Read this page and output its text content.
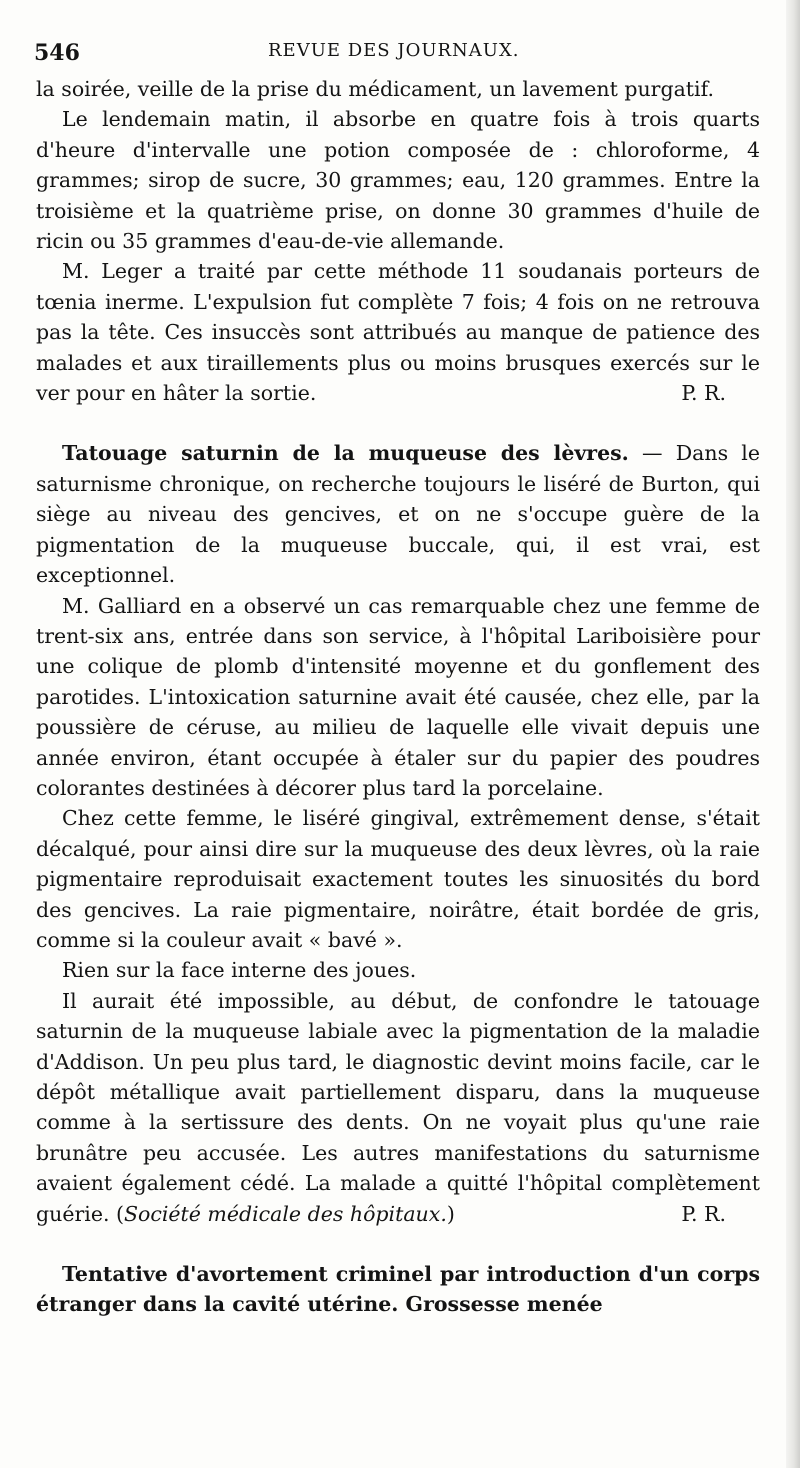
546	REVUE DES JOURNAUX.

la soirée, veille de la prise du médicament, un lavement purgatif.

Le lendemain matin, il absorbe en quatre fois à trois quarts d'heure d'intervalle une potion composée de : chloroforme, 4 grammes; sirop de sucre, 30 grammes; eau, 120 grammes. Entre la troisième et la quatrième prise, on donne 30 grammes d'huile de ricin ou 35 grammes d'eau-de-vie allemande.

M. Leger a traité par cette méthode 11 soudanais porteurs de tœnia inerme. L'expulsion fut complète 7 fois; 4 fois on ne retrouva pas la tête. Ces insuccès sont attribués au manque de patience des malades et aux tiraillements plus ou moins brusques exercés sur le ver pour en hâter la sortie.	P. R.

Tatouage saturnin de la muqueuse des lèvres. — Dans le saturnisme chronique, on recherche toujours le liséré de Burton, qui siège au niveau des gencives, et on ne s'occupe guère de la pigmentation de la muqueuse buccale, qui, il est vrai, est exceptionnel.

M. Galliard en a observé un cas remarquable chez une femme de trent-six ans, entrée dans son service, à l'hôpital Lariboisière pour une colique de plomb d'intensité moyenne et du gonflement des parotides. L'intoxication saturnine avait été causée, chez elle, par la poussière de céruse, au milieu de laquelle elle vivait depuis une année environ, étant occupée à étaler sur du papier des poudres colorantes destinées à décorer plus tard la porcelaine.

Chez cette femme, le liséré gingival, extrêmement dense, s'était décalqué, pour ainsi dire sur la muqueuse des deux lèvres, où la raie pigmentaire reproduisait exactement toutes les sinuosités du bord des gencives. La raie pigmentaire, noirâtre, était bordée de gris, comme si la couleur avait « bavé ».

Rien sur la face interne des joues.

Il aurait été impossible, au début, de confondre le tatouage saturnin de la muqueuse labiale avec la pigmentation de la maladie d'Addison. Un peu plus tard, le diagnostic devint moins facile, car le dépôt métallique avait partiellement disparu, dans la muqueuse comme à la sertissure des dents. On ne voyait plus qu'une raie brunâtre peu accusée. Les autres manifestations du saturnisme avaient également cédé. La malade a quitté l'hôpital complètement guérie. (Société médicale des hôpitaux.)	P. R.

Tentative d'avortement criminel par introduction d'un corps étranger dans la cavité utérine. Grossesse menée
